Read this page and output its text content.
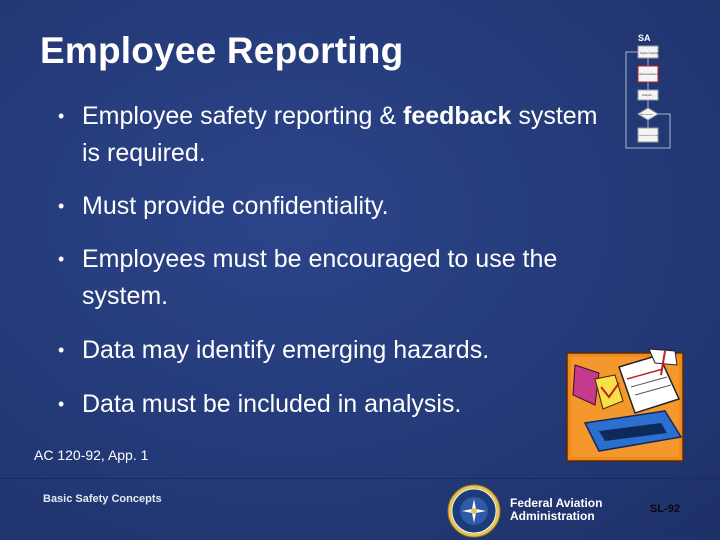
Employee Reporting	SA
System Operation
Data Acquisition & Process
Analysis
Assessment
Preventive/ Corrective Action
• Employee safety reporting & feedback system is required.
• Must provide confidentiality.
• Employees must be encouraged to use the system.
• Data may identify emerging hazards.
• Data must be included in analysis.
AC 120-92, App. 1
Basic Safety Concepts	Federal Aviation
Administration	SL-92
